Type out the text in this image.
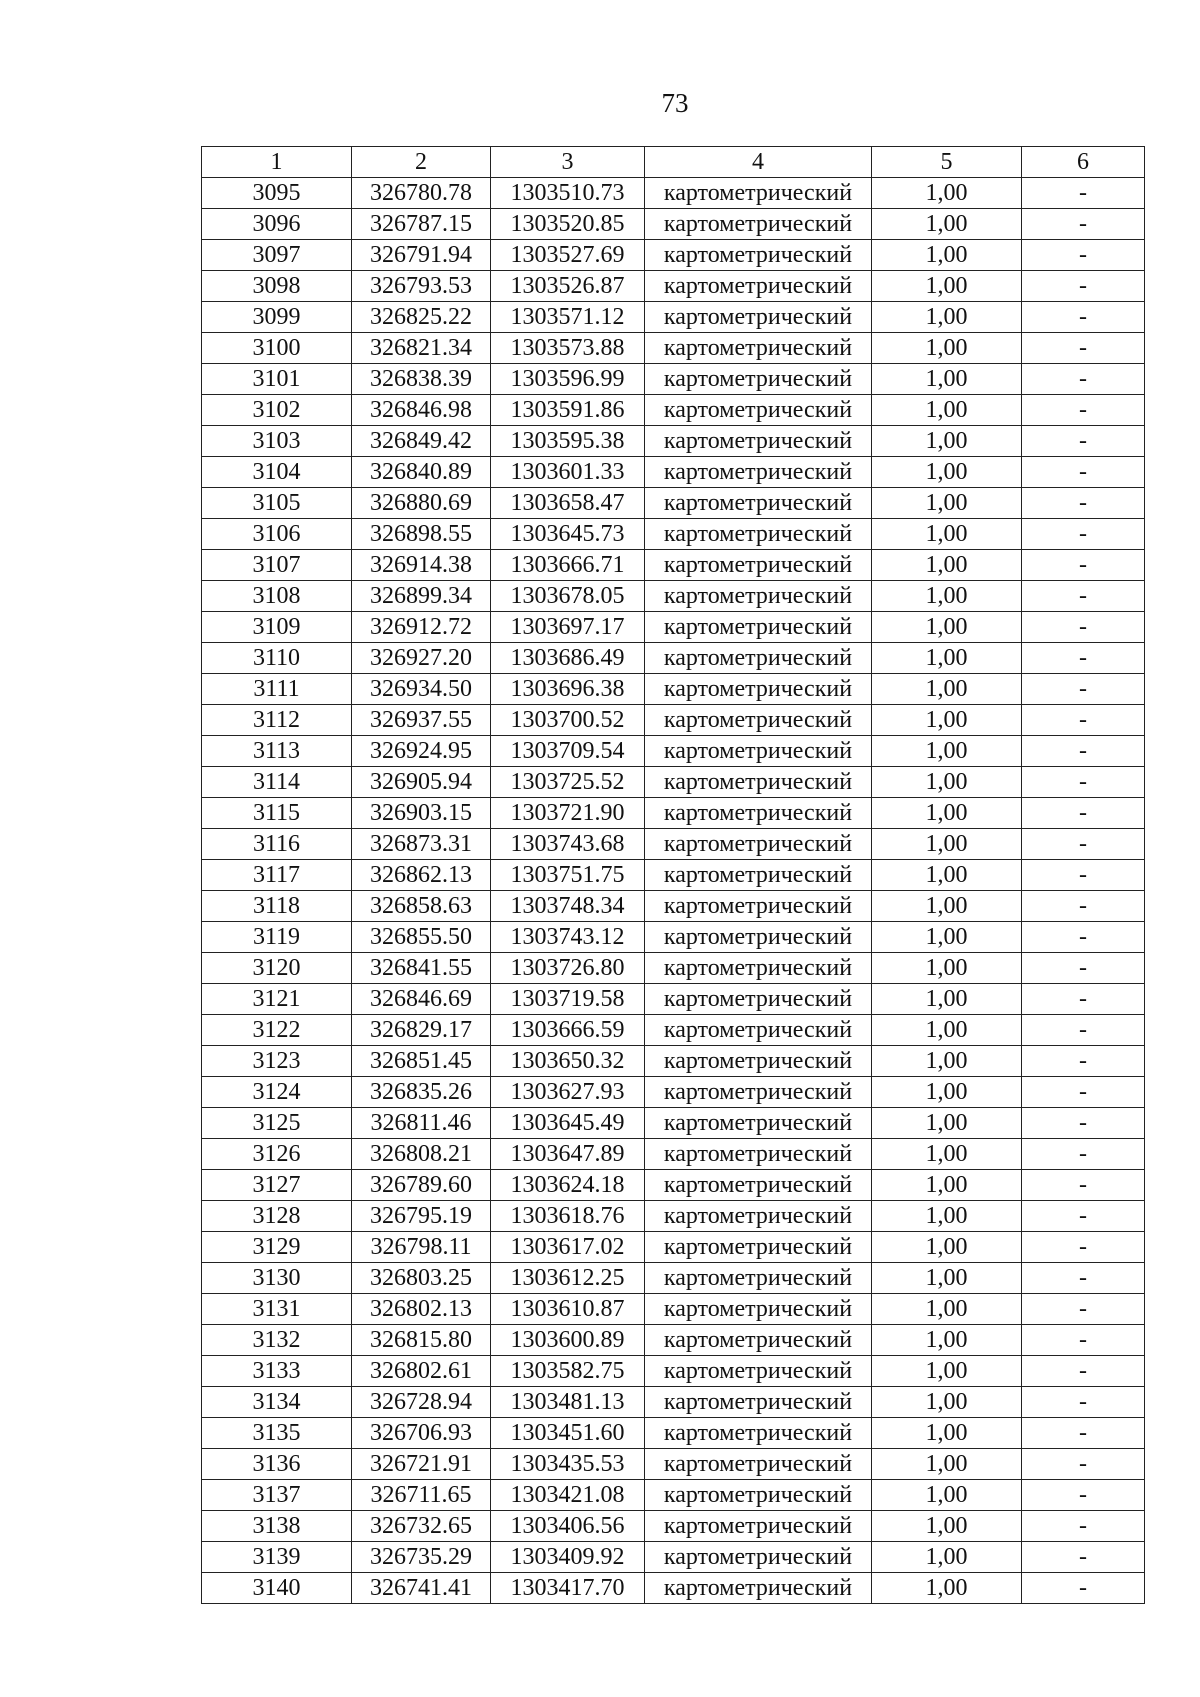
73
1	2	3	4	5	6
3095	326780.78	1303510.73	картометрический	1,00	-
3096	326787.15	1303520.85	картометрический	1,00	-
3097	326791.94	1303527.69	картометрический	1,00	-
3098	326793.53	1303526.87	картометрический	1,00	-
3099	326825.22	1303571.12	картометрический	1,00	-
3100	326821.34	1303573.88	картометрический	1,00	-
3101	326838.39	1303596.99	картометрический	1,00	-
3102	326846.98	1303591.86	картометрический	1,00	-
3103	326849.42	1303595.38	картометрический	1,00	-
3104	326840.89	1303601.33	картометрический	1,00	-
3105	326880.69	1303658.47	картометрический	1,00	-
3106	326898.55	1303645.73	картометрический	1,00	-
3107	326914.38	1303666.71	картометрический	1,00	-
3108	326899.34	1303678.05	картометрический	1,00	-
3109	326912.72	1303697.17	картометрический	1,00	-
3110	326927.20	1303686.49	картометрический	1,00	-
3111	326934.50	1303696.38	картометрический	1,00	-
3112	326937.55	1303700.52	картометрический	1,00	-
3113	326924.95	1303709.54	картометрический	1,00	-
3114	326905.94	1303725.52	картометрический	1,00	-
3115	326903.15	1303721.90	картометрический	1,00	-
3116	326873.31	1303743.68	картометрический	1,00	-
3117	326862.13	1303751.75	картометрический	1,00	-
3118	326858.63	1303748.34	картометрический	1,00	-
3119	326855.50	1303743.12	картометрический	1,00	-
3120	326841.55	1303726.80	картометрический	1,00	-
3121	326846.69	1303719.58	картометрический	1,00	-
3122	326829.17	1303666.59	картометрический	1,00	-
3123	326851.45	1303650.32	картометрический	1,00	-
3124	326835.26	1303627.93	картометрический	1,00	-
3125	326811.46	1303645.49	картометрический	1,00	-
3126	326808.21	1303647.89	картометрический	1,00	-
3127	326789.60	1303624.18	картометрический	1,00	-
3128	326795.19	1303618.76	картометрический	1,00	-
3129	326798.11	1303617.02	картометрический	1,00	-
3130	326803.25	1303612.25	картометрический	1,00	-
3131	326802.13	1303610.87	картометрический	1,00	-
3132	326815.80	1303600.89	картометрический	1,00	-
3133	326802.61	1303582.75	картометрический	1,00	-
3134	326728.94	1303481.13	картометрический	1,00	-
3135	326706.93	1303451.60	картометрический	1,00	-
3136	326721.91	1303435.53	картометрический	1,00	-
3137	326711.65	1303421.08	картометрический	1,00	-
3138	326732.65	1303406.56	картометрический	1,00	-
3139	326735.29	1303409.92	картометрический	1,00	-
3140	326741.41	1303417.70	картометрический	1,00	-
